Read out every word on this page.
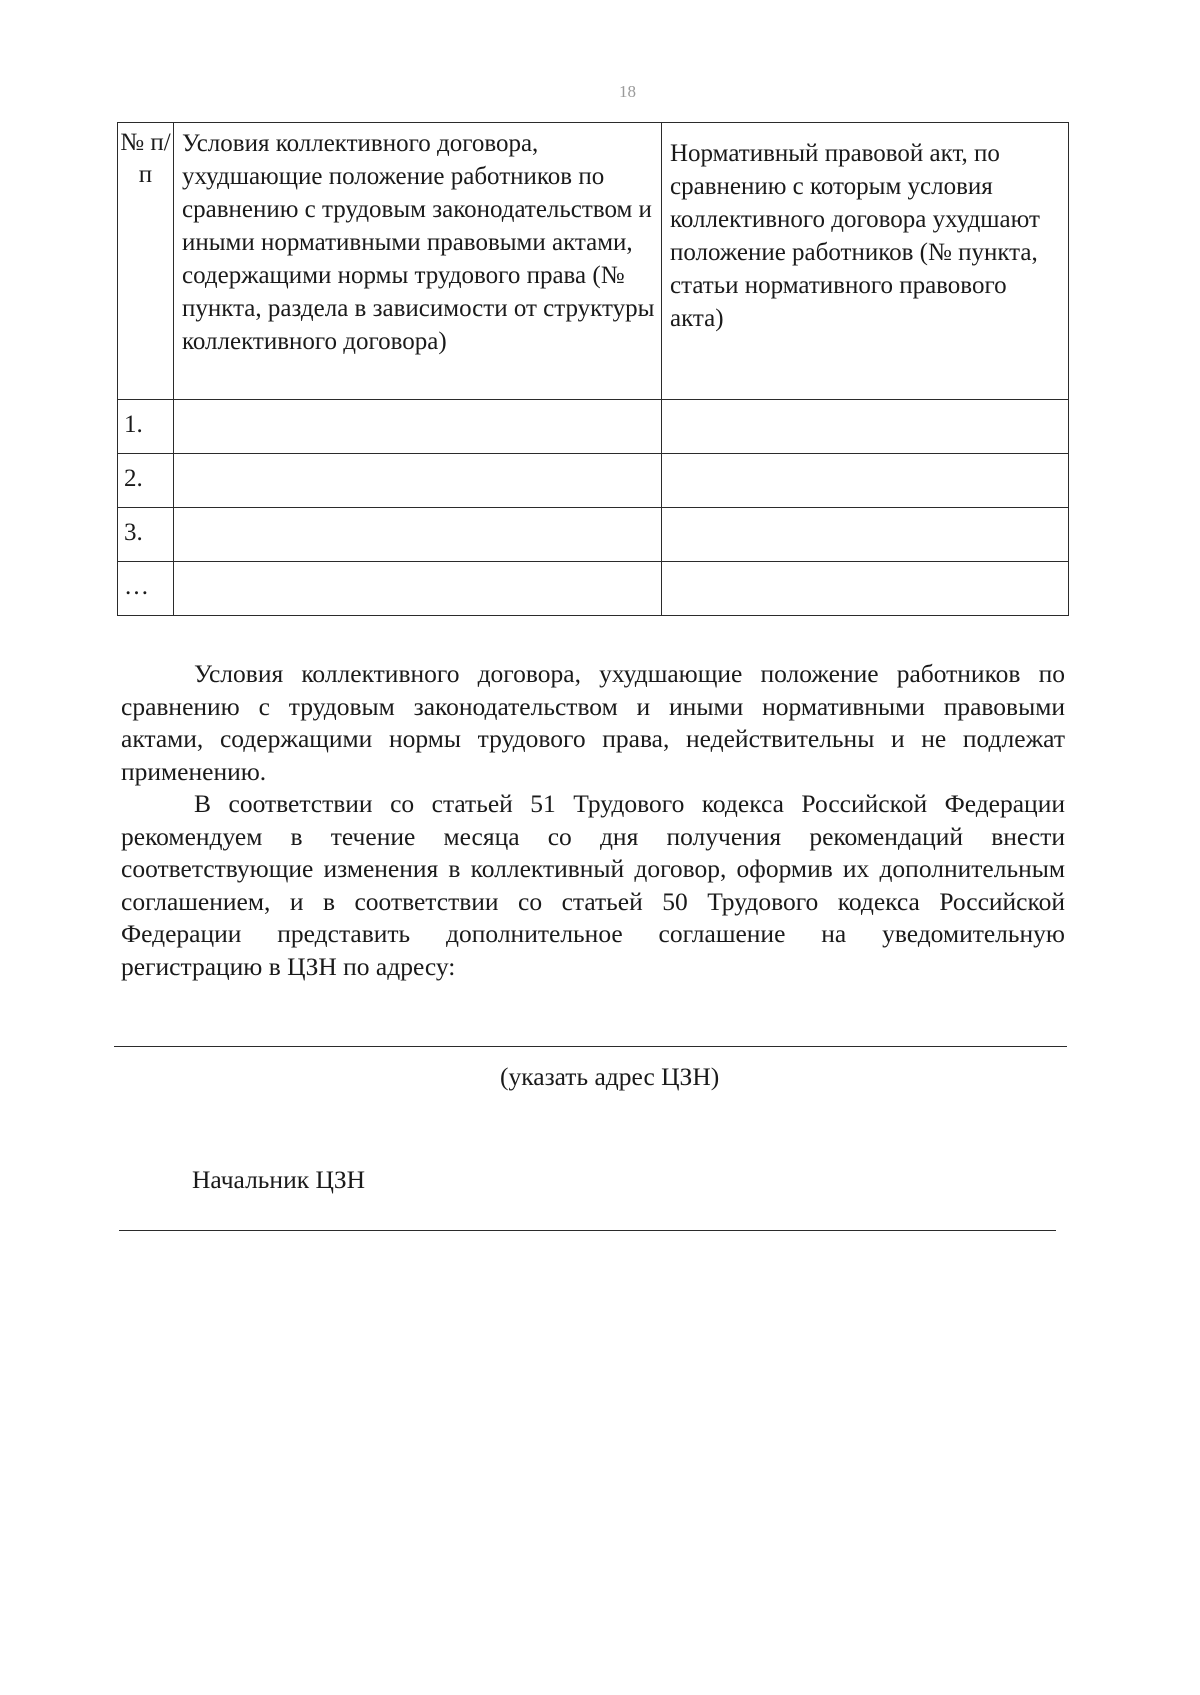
18
№ п/п	Условия коллективного договора, ухудшающие положение работников по сравнению с трудовым законодательством и иными нормативными правовыми актами, содержащими нормы трудового права (№ пункта, раздела в зависимости от структуры коллективного договора)	Нормативный правовой акт, по сравнению с которым условия коллективного договора ухудшают положение работников (№ пункта, статьи нормативного правового акта)
1.		
2.		
3.		
…		

Условия коллективного договора, ухудшающие положение работников по сравнению с трудовым законодательством и иными нормативными правовыми актами, содержащими нормы трудового права, недействительны и не подлежат применению.

В соответствии со статьей 51 Трудового кодекса Российской Федерации рекомендуем в течение месяца со дня получения рекомендаций внести соответствующие изменения в коллективный договор, оформив их дополнительным соглашением, и в соответствии со статьей 50 Трудового кодекса Российской Федерации представить дополнительное соглашение на уведомительную регистрацию в ЦЗН по адресу:

(указать адрес ЦЗН)
Начальник ЦЗН
